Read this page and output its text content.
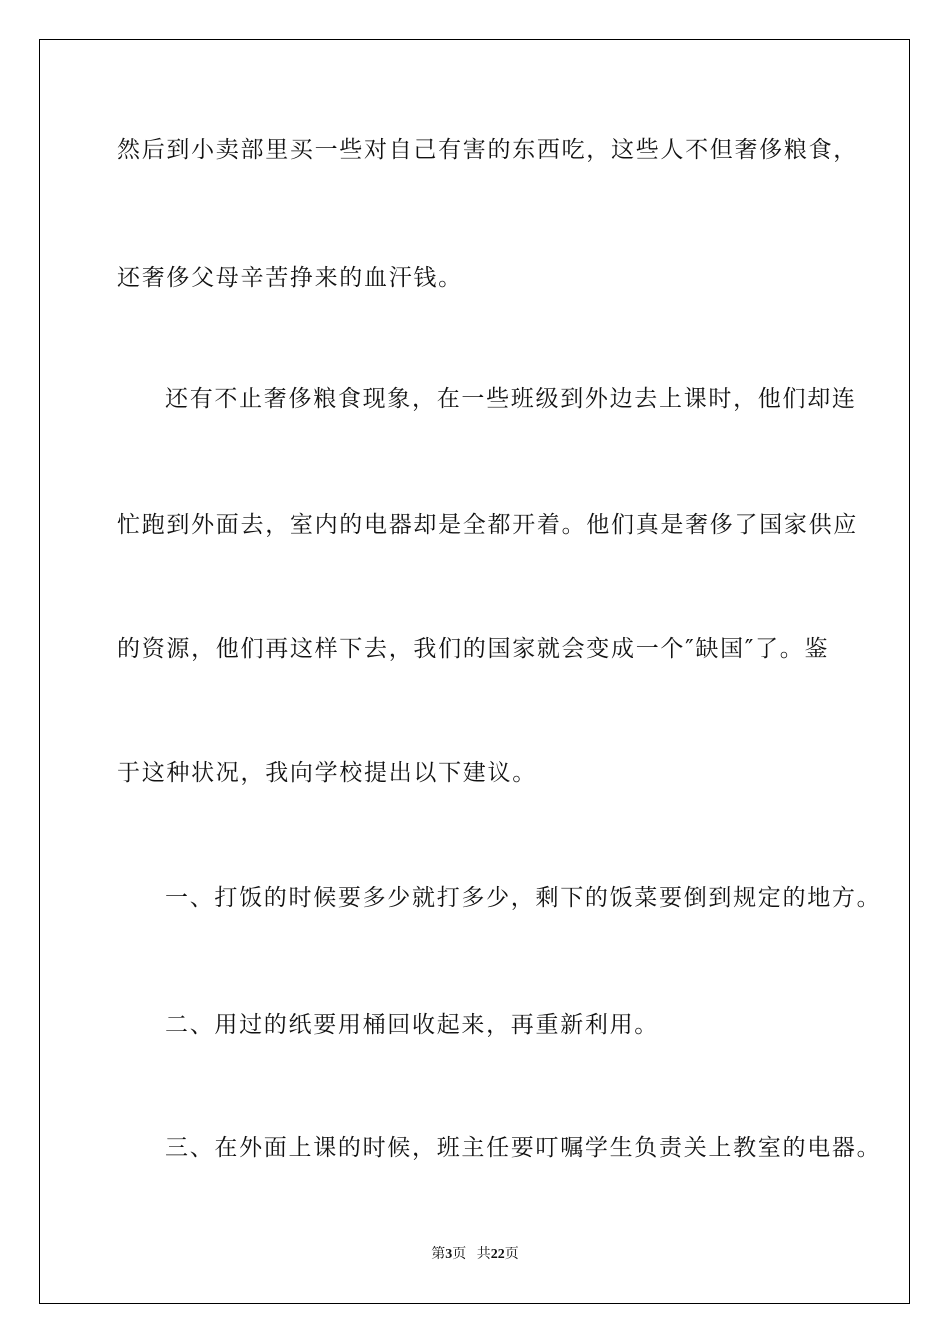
然后到小卖部里买一些对自己有害的东西吃，这些人不但奢侈粮食，
还奢侈父母辛苦挣来的血汗钱。
还有不止奢侈粮食现象，在一些班级到外边去上课时，他们却连
忙跑到外面去，室内的电器却是全都开着。他们真是奢侈了国家供应
的资源，他们再这样下去，我们的国家就会变成一个″缺国″了。鉴
于这种状况，我向学校提出以下建议。
一、打饭的时候要多少就打多少，剩下的饭菜要倒到规定的地方。
二、用过的纸要用桶回收起来，再重新利用。
三、在外面上课的时候，班主任要叮嘱学生负责关上教室的电器。
第3页 共22页
